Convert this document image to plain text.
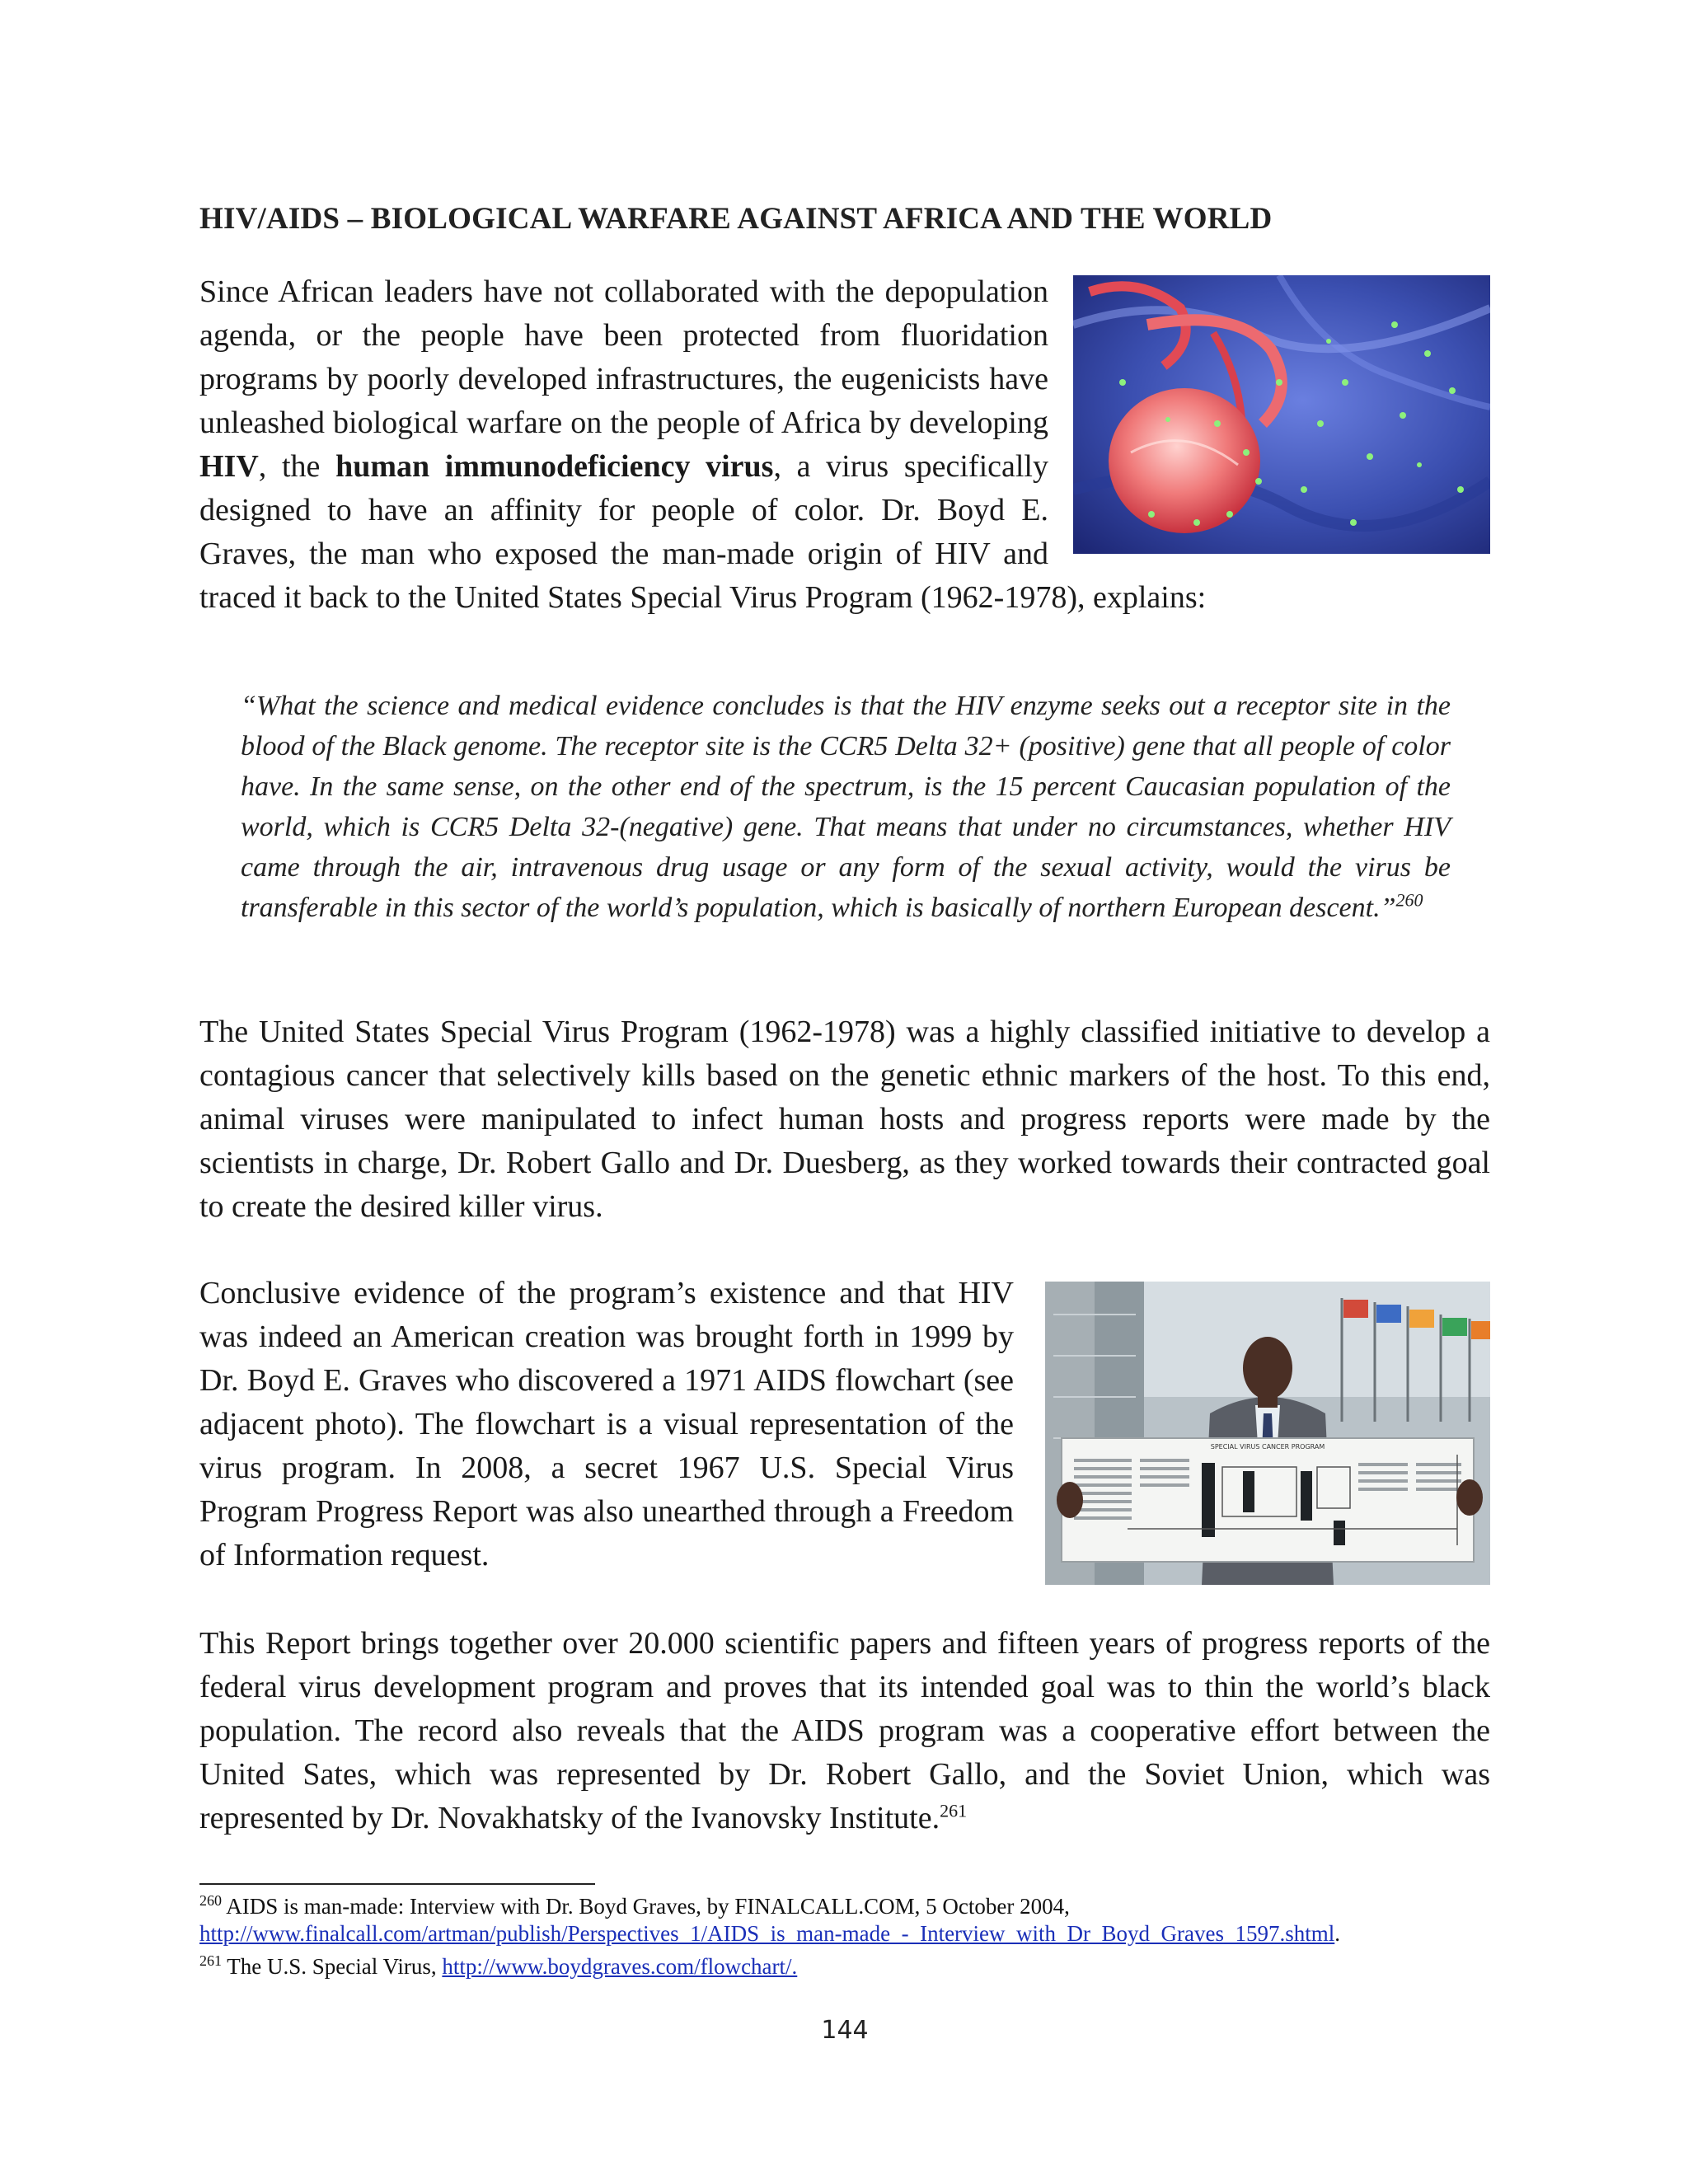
HIV/AIDS – BIOLOGICAL WARFARE AGAINST AFRICA AND THE WORLD
Since African leaders have not collaborated with the depopulation agenda, or the people have been protected from fluoridation programs by poorly developed infrastructures, the eugenicists have unleashed biological warfare on the people of Africa by developing HIV, the human immunodeficiency virus, a virus specifically designed to have an affinity for people of color. Dr. Boyd E. Graves, the man who exposed the man-made origin of HIV and traced it back to the United States Special Virus Program (1962-1978), explains:
“What the science and medical evidence concludes is that the HIV enzyme seeks out a receptor site in the blood of the Black genome. The receptor site is the CCR5 Delta 32+ (positive) gene that all people of color have. In the same sense, on the other end of the spectrum, is the 15 percent Caucasian population of the world, which is CCR5 Delta 32-(negative) gene. That means that under no circumstances, whether HIV came through the air, intravenous drug usage or any form of the sexual activity, would the virus be transferable in this sector of the world’s population, which is basically of northern European descent.”$^{260}$

The United States Special Virus Program (1962-1978) was a highly classified initiative to develop a contagious cancer that selectively kills based on the genetic ethnic markers of the host. To this end, animal viruses were manipulated to infect human hosts and progress reports were made by the scientists in charge, Dr. Robert Gallo and Dr. Duesberg, as they worked towards their contracted goal to create the desired killer virus.

SPECIAL VIRUS CANCER PROGRAM
Conclusive evidence of the program’s existence and that HIV was indeed an American creation was brought forth in 1999 by Dr. Boyd E. Graves who discovered a 1971 AIDS flowchart (see adjacent photo). The flowchart is a visual representation of the virus program. In 2008, a secret 1967 U.S. Special Virus Program Progress Report was also unearthed through a Freedom of Information request.
This Report brings together over 20.000 scientific papers and fifteen years of progress reports of the federal virus development program and proves that its intended goal was to thin the world’s black population. The record also reveals that the AIDS program was a cooperative effort between the United Sates, which was represented by Dr. Robert Gallo, and the Soviet Union, which was represented by Dr. Novakhatsky of the Ivanovsky Institute.$^{261}$
$^{260}$ AIDS is man-made: Interview with Dr. Boyd Graves, by FINALCALL.COM, 5 October 2004,
http://www.finalcall.com/artman/publish/Perspectives_1/AIDS_is_man-made_-_Interview_with_Dr_Boyd_Graves_1597.shtml.
$^{261}$ The U.S. Special Virus, http://www.boydgraves.com/flowchart/.
144
